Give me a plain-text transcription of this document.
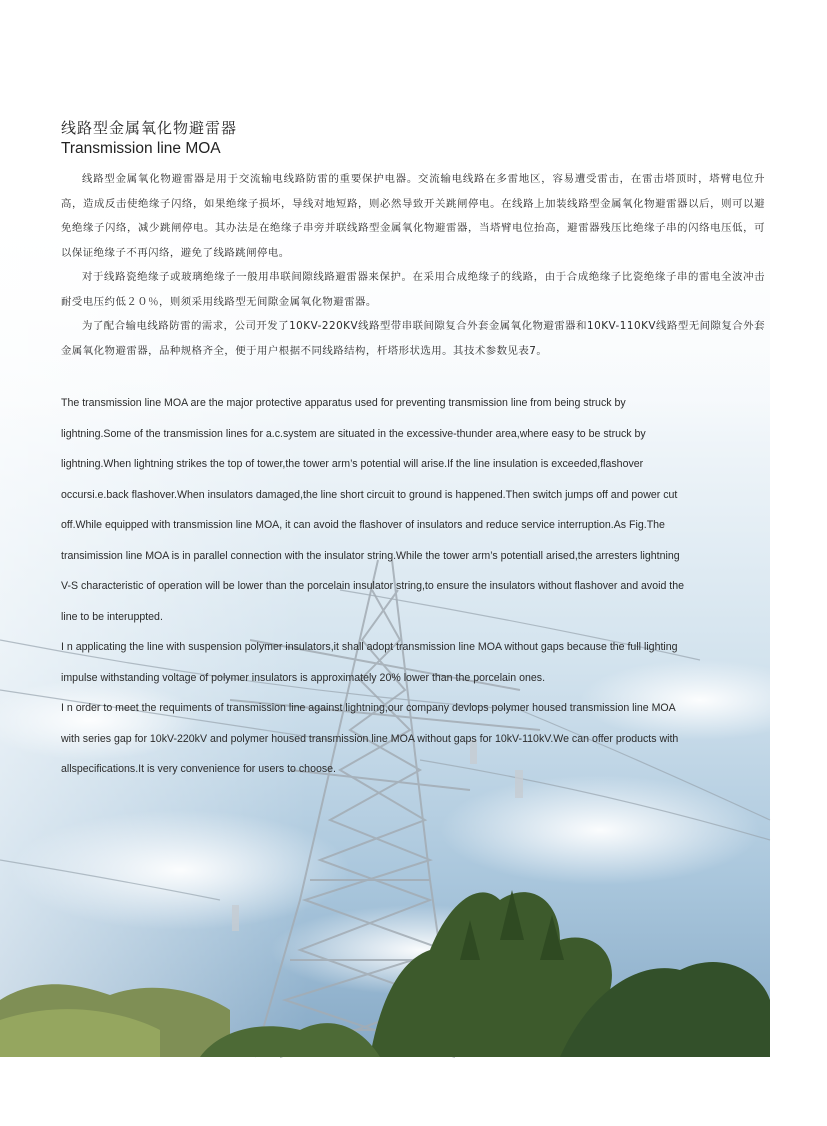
线路型金属氧化物避雷器
Transmission line MOA

线路型金属氧化物避雷器是用于交流输电线路防雷的重要保护电器。交流输电线路在多雷地区，容易遭受雷击，在雷击塔顶时，塔臂电位升高，造成反击使绝缘子闪络，如果绝缘子损坏，导线对地短路，则必然导致开关跳闸停电。在线路上加装线路型金属氧化物避雷器以后，则可以避免绝缘子闪络，减少跳闸停电。其办法是在绝缘子串旁并联线路型金属氧化物避雷器，当塔臂电位抬高，避雷器残压比绝缘子串的闪络电压低，可以保证绝缘子不再闪络，避免了线路跳闸停电。

对于线路瓷绝缘子或玻璃绝缘子一般用串联间隙线路避雷器来保护。在采用合成绝缘子的线路，由于合成绝缘子比瓷绝缘子串的雷电全波冲击耐受电压约低２０％，则须采用线路型无间隙金属氧化物避雷器。

为了配合输电线路防雷的需求，公司开发了10KV-220KV线路型带串联间隙复合外套金属氧化物避雷器和10KV-110KV线路型无间隙复合外套金属氧化物避雷器，品种规格齐全，便于用户根据不同线路结构，杆塔形状选用。其技术参数见表7。

The transmission line MOA are the major protective apparatus used for preventing transmission line from being struck by
lightning.Some of the transmission lines for a.c.system are situated in the excessive-thunder area,where easy to be struck by
lightning.When lightning strikes the top of tower,the tower arm’s potential will arise.If the line insulation is exceeded,flashover
occursi.e.back flashover.When insulators damaged,the line short circuit to ground is happened.Then switch jumps off and power cut
off.While equipped with transmission line MOA, it can avoid the flashover of insulators and reduce service interruption.As Fig.The
transimission line MOA is in parallel connection with the insulator string.While the tower arm’s potentiall arised,the arresters lightning
V-S characteristic of operation will be lower than the porcelain insulator string,to ensure the insulators without flashover and avoid the
line to be interuppted.

I n applicating the line with suspension polymer insulators,it shall adopt transmission line MOA without gaps because the full lighting
impulse withstanding voltage of polymer insulators is approximately 20% lower than the porcelain ones.

I n order to meet the requiments of transmission line against lightning,our company devlops polymer housed transmission line MOA
with series gap for 10kV-220kV and polymer housed transmission line MOA without gaps for 10kV-110kV.We can offer products with
allspecifications.It is very convenience for users to choose.
